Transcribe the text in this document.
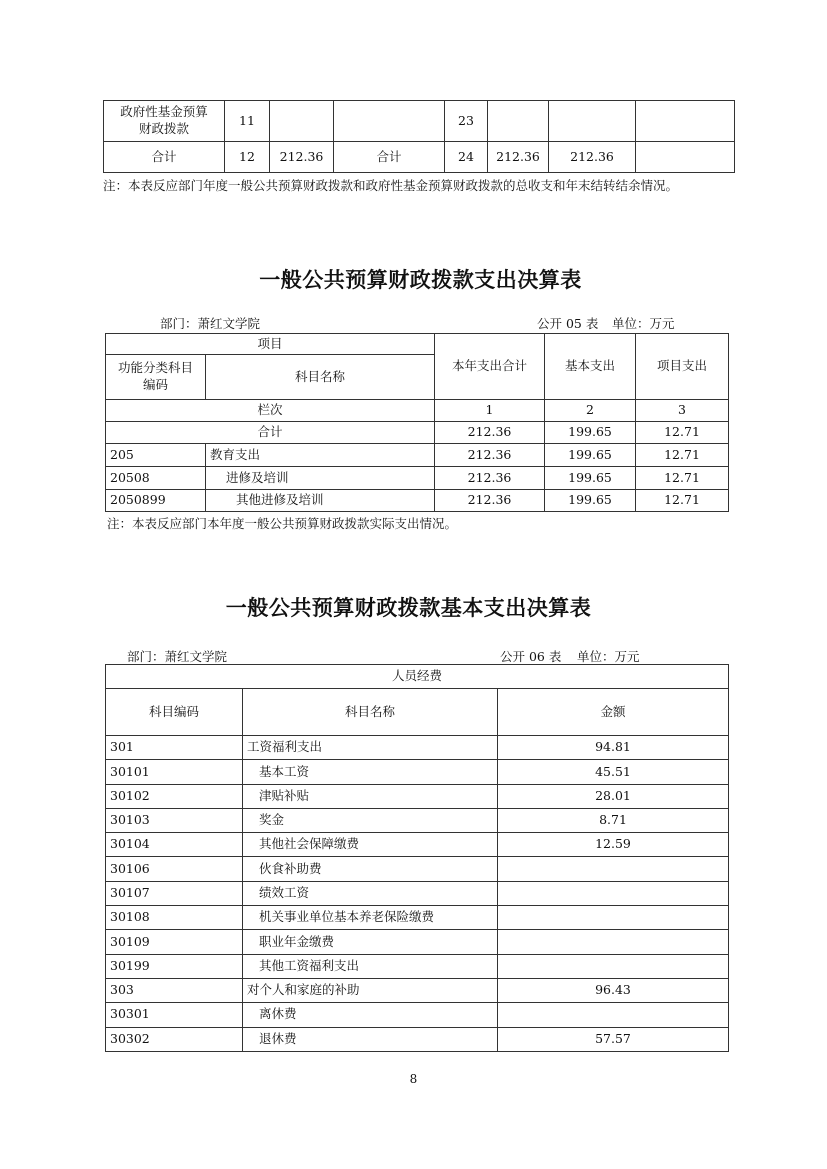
政府性基金预算财政拨款	11			23			
合计	12	212.36	合计	24	212.36	212.36	
注：本表反应部门年度一般公共预算财政拨款和政府性基金预算财政拨款的总收支和年末结转结余情况。
一般公共预算财政拨款支出决算表
部门：萧红文学院	公开 05 表 单位：万元
项目		本年支出合计	基本支出	项目支出
功能分类科目编码	科目名称			
栏次		1	2	3
合计		212.36	199.65	12.71
205	教育支出	212.36	199.65	12.71
20508	进修及培训	212.36	199.65	12.71
2050899	其他进修及培训	212.36	199.65	12.71
注：本表反应部门本年度一般公共预算财政拨款实际支出情况。
一般公共预算财政拨款基本支出决算表
部门：萧红文学院	公开 06 表 单位：万元
人员经费		
科目编码	科目名称	金额
301	工资福利支出	94.81
30101	基本工资	45.51
30102	津贴补贴	28.01
30103	奖金	8.71
30104	其他社会保障缴费	12.59
30106	伙食补助费	
30107	绩效工资	
30108	机关事业单位基本养老保险缴费	
30109	职业年金缴费	
30199	其他工资福利支出	
303	对个人和家庭的补助	96.43
30301	离休费	
30302	退休费	57.57
8
